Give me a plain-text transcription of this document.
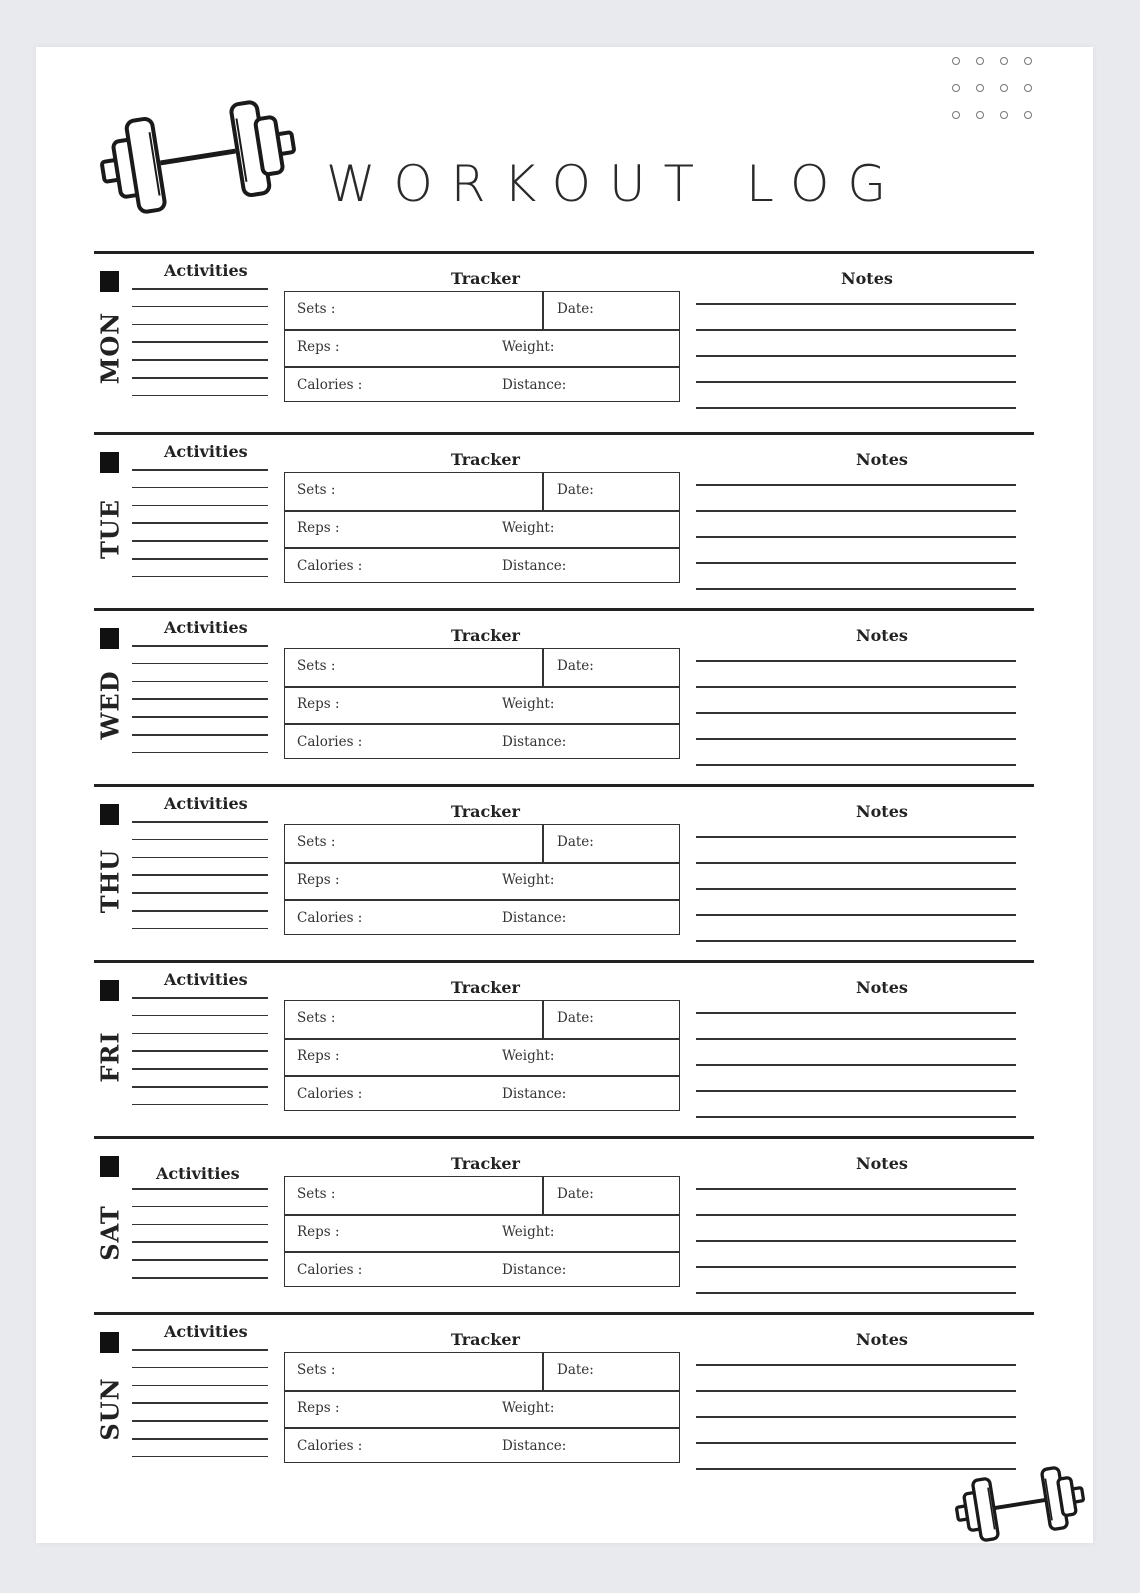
WORKOUT LOG
MON
Activities	Tracker
Sets :	Date:
Reps :	Weight:
Calories :	Distance:
Notes
TUE
Activities	Tracker
Sets :	Date:
Reps :	Weight:
Calories :	Distance:
Notes
WED
Activities	Tracker
Sets :	Date:
Reps :	Weight:
Calories :	Distance:
Notes
THU
Activities	Tracker
Sets :	Date:
Reps :	Weight:
Calories :	Distance:
Notes
FRI
Activities	Tracker
Sets :	Date:
Reps :	Weight:
Calories :	Distance:
Notes
SAT
Activities
Tracker
Sets :	Date:
Reps :	Weight:
Calories :	Distance:
Notes
SUN
Activities	Tracker
Sets :	Date:
Reps :	Weight:
Calories :	Distance:
Notes
